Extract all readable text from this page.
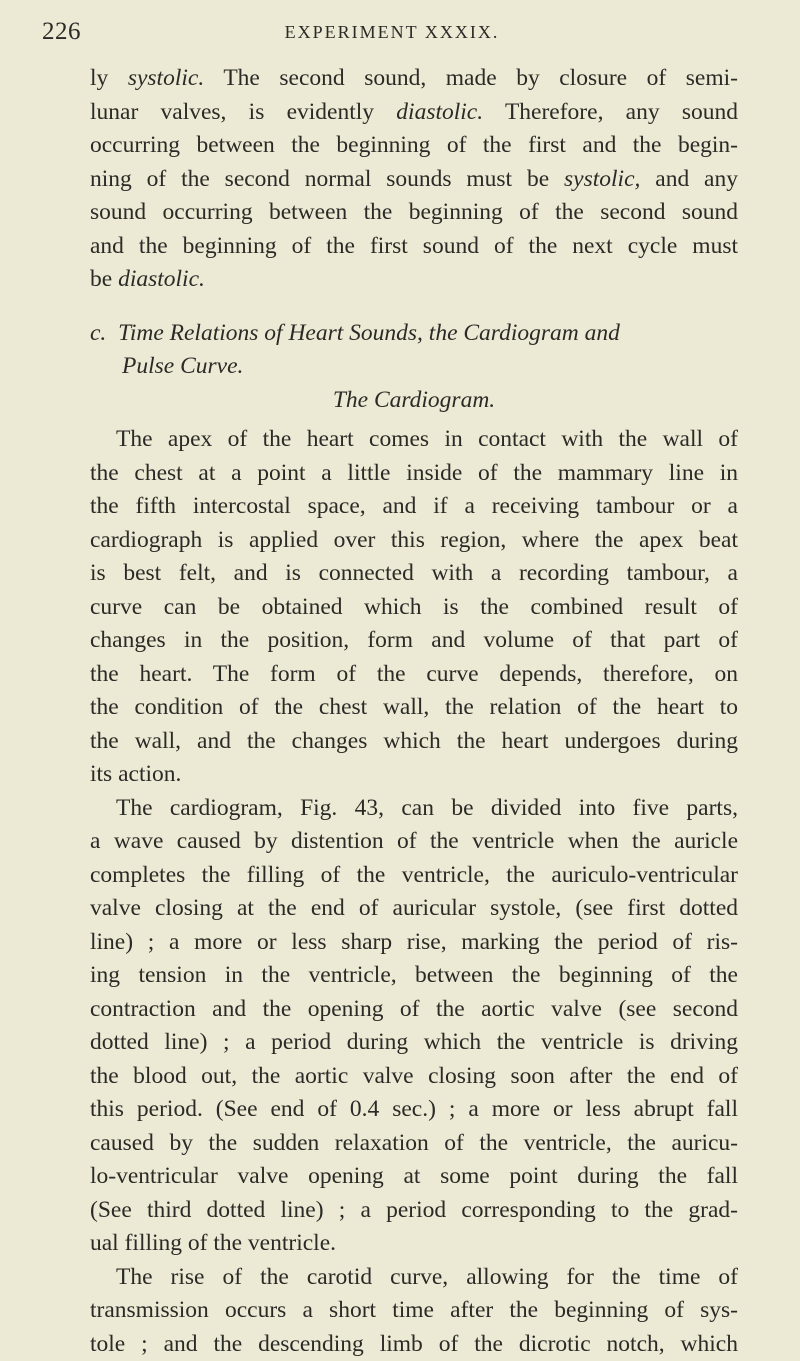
226	EXPERIMENT XXXIX.
ly systolic. The second sound, made by closure of semi-
lunar valves, is evidently diastolic. Therefore, any sound
occurring between the beginning of the first and the begin-
ning of the second normal sounds must be systolic, and any
sound occurring between the beginning of the second sound
and the beginning of the first sound of the next cycle must
be diastolic.
c. Time Relations of Heart Sounds, the Cardiogram and
Pulse Curve.
The Cardiogram.
The apex of the heart comes in contact with the wall of
the chest at a point a little inside of the mammary line in
the fifth intercostal space, and if a receiving tambour or a
cardiograph is applied over this region, where the apex beat
is best felt, and is connected with a recording tambour, a
curve can be obtained which is the combined result of
changes in the position, form and volume of that part of
the heart. The form of the curve depends, therefore, on
the condition of the chest wall, the relation of the heart to
the wall, and the changes which the heart undergoes during
its action.
The cardiogram, Fig. 43, can be divided into five parts,
a wave caused by distention of the ventricle when the auricle
completes the filling of the ventricle, the auriculo-ventricular
valve closing at the end of auricular systole, (see first dotted
line) ; a more or less sharp rise, marking the period of ris-
ing tension in the ventricle, between the beginning of the
contraction and the opening of the aortic valve (see second
dotted line) ; a period during which the ventricle is driving
the blood out, the aortic valve closing soon after the end of
this period. (See end of 0.4 sec.) ; a more or less abrupt fall
caused by the sudden relaxation of the ventricle, the auricu-
lo-ventricular valve opening at some point during the fall
(See third dotted line) ; a period corresponding to the grad-
ual filling of the ventricle.
The rise of the carotid curve, allowing for the time of
transmission occurs a short time after the beginning of sys-
tole ; and the descending limb of the dicrotic notch, which
